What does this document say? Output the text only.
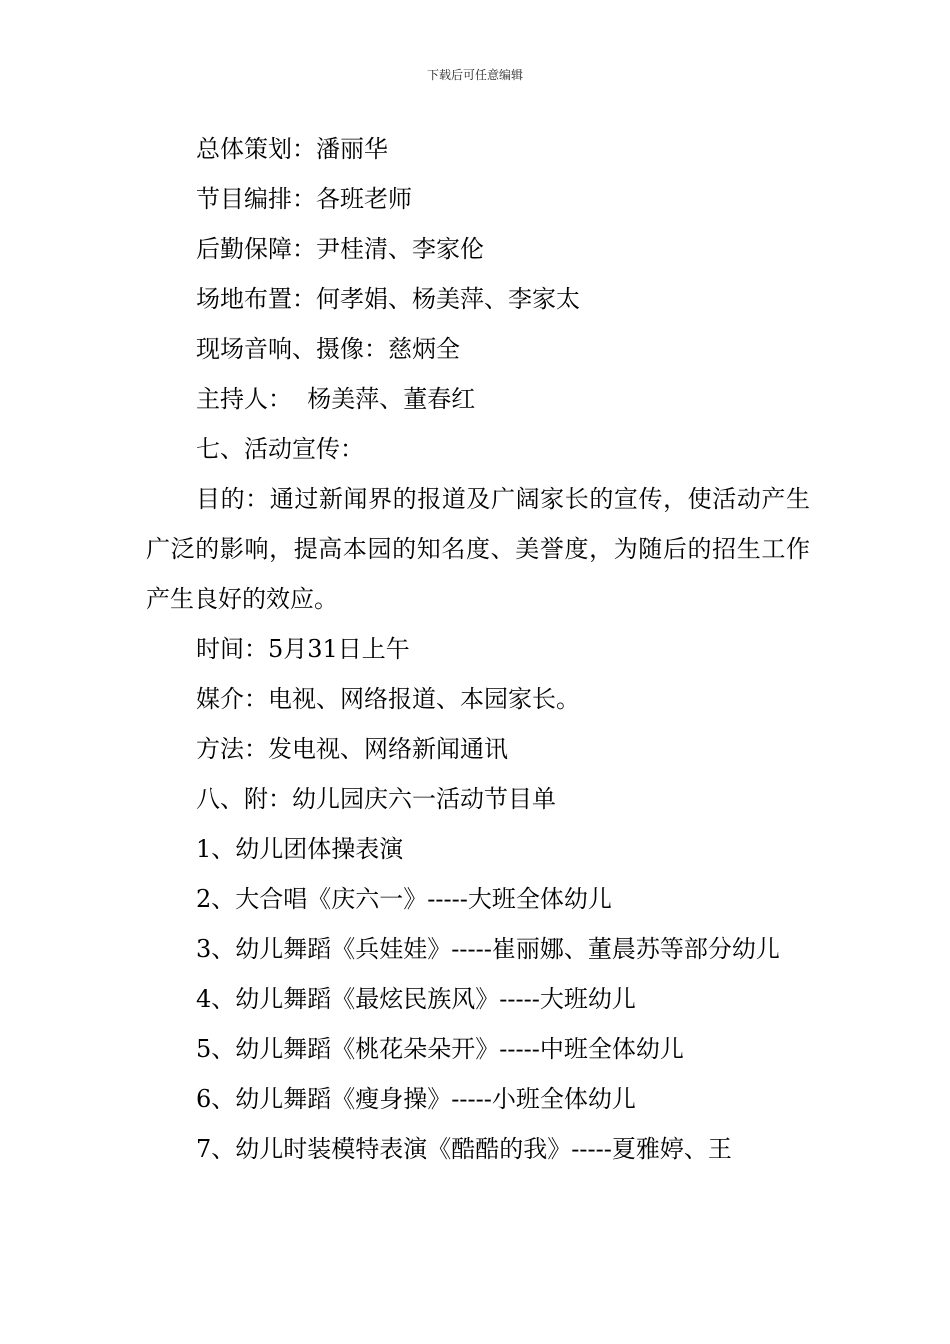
下载后可任意编辑

总体策划：潘丽华

节目编排：各班老师

后勤保障：尹桂清、李家伦

场地布置：何孝娟、杨美萍、李家太

现场音响、摄像：慈炳全

主持人：  杨美萍、董春红

七、活动宣传：

目的：通过新闻界的报道及广阔家长的宣传，使活动产生广泛的影响，提高本园的知名度、美誉度，为随后的招生工作产生良好的效应。

时间：5月31日上午

媒介：电视、网络报道、本园家长。

方法：发电视、网络新闻通讯

八、附：幼儿园庆六一活动节目单

1、幼儿团体操表演

2、大合唱《庆六一》-----大班全体幼儿

3、幼儿舞蹈《兵娃娃》-----崔丽娜、董晨苏等部分幼儿

4、幼儿舞蹈《最炫民族风》-----大班幼儿

5、幼儿舞蹈《桃花朵朵开》-----中班全体幼儿

6、幼儿舞蹈《瘦身操》-----小班全体幼儿

7、幼儿时装模特表演《酷酷的我》-----夏雅婷、王
